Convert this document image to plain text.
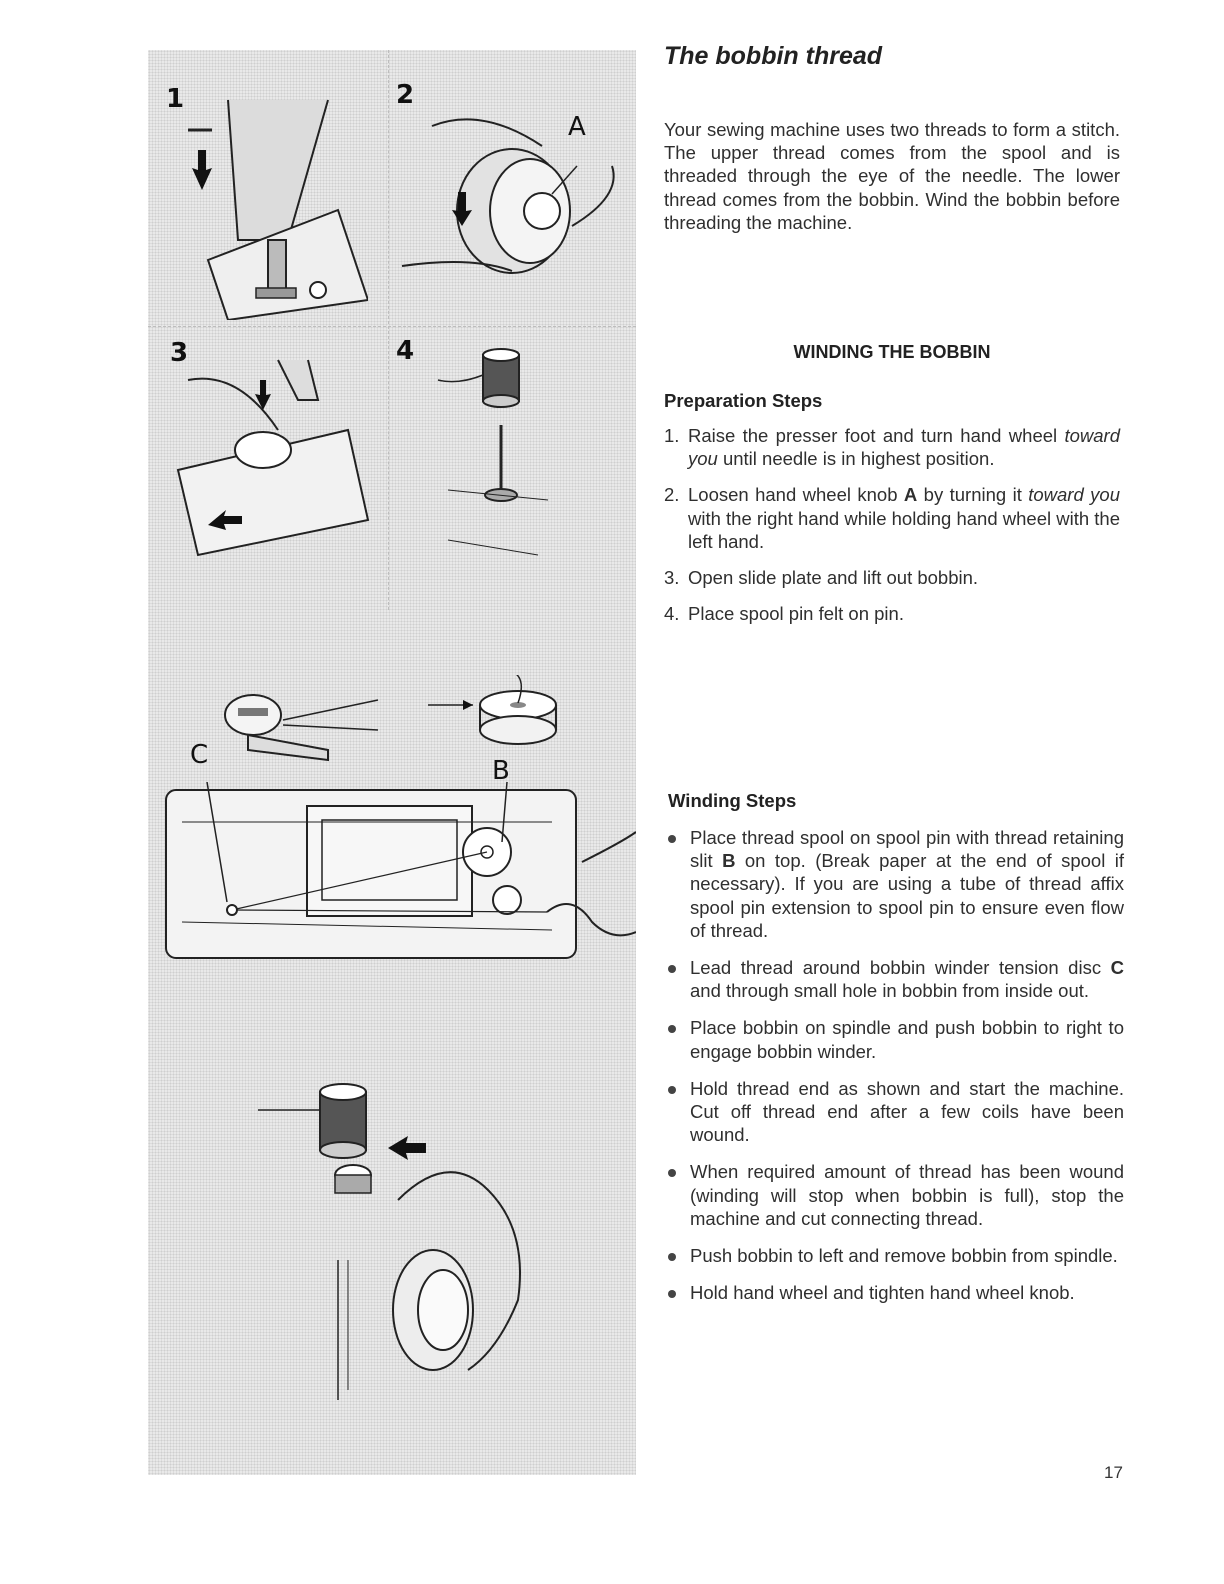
1	2
A
3	4
C
B
The bobbin thread
Your sewing machine uses two threads to form a stitch. The upper thread comes from the spool and is threaded through the eye of the needle. The lower thread comes from the bobbin. Wind the bobbin before threading the machine.
WINDING THE BOBBIN
Preparation Steps
1. Raise the presser foot and turn hand wheel toward you until needle is in highest position.
2. Loosen hand wheel knob A by turning it toward you with the right hand while holding hand wheel with the left hand.
3. Open slide plate and lift out bobbin.
4. Place spool pin felt on pin.
Winding Steps
Place thread spool on spool pin with thread retaining slit B on top. (Break paper at the end of spool if necessary). If you are using a tube of thread affix spool pin extension to spool pin to ensure even flow of thread.
Lead thread around bobbin winder tension disc C and through small hole in bobbin from inside out.
Place bobbin on spindle and push bobbin to right to engage bobbin winder.
Hold thread end as shown and start the machine. Cut off thread end after a few coils have been wound.
When required amount of thread has been wound (winding will stop when bobbin is full), stop the machine and cut connecting thread.
Push bobbin to left and remove bobbin from spindle.
Hold hand wheel and tighten hand wheel knob.
17
